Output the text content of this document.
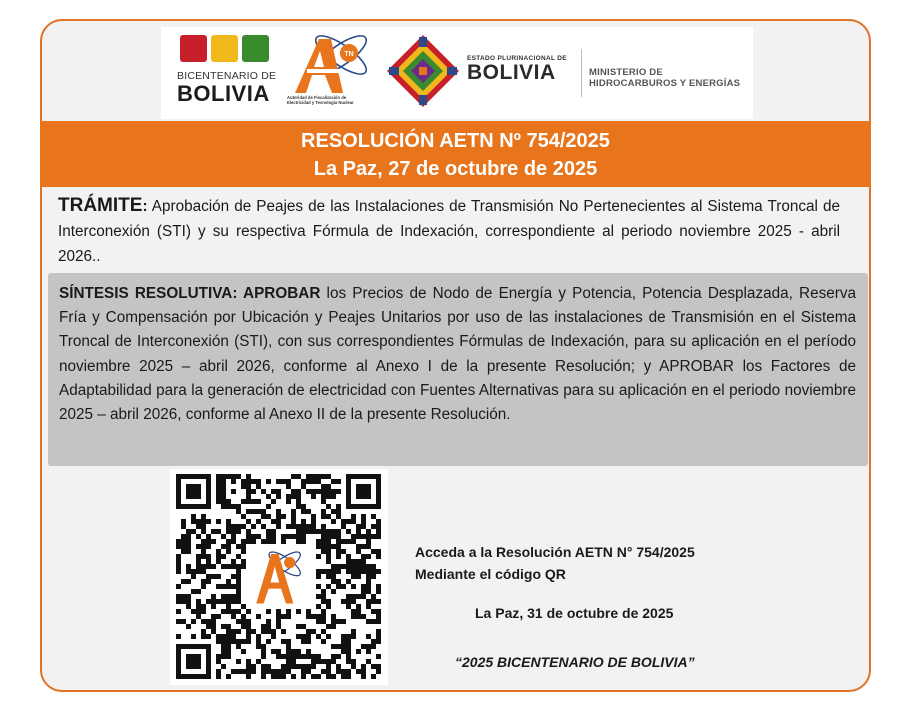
BICENTENARIO DE
BOLIVIA
TN
Autoridad de Fiscalización de
Electricidad y Tecnología Nuclear
ESTADO PLURINACIONAL DE
BOLIVIA	MINISTERIO DE
HIDROCARBUROS Y ENERGÍAS
RESOLUCIÓN AETN Nº 754/2025
La Paz, 27 de octubre de 2025
TRÁMITE: Aprobación de Peajes de las Instalaciones de Transmisión No Pertenecientes al Sistema Troncal de Interconexión (STI) y su respectiva Fórmula de Indexación, correspondiente al periodo noviembre 2025 - abril 2026..
SÍNTESIS RESOLUTIVA: APROBAR los Precios de Nodo de Energía y Potencia, Potencia Desplazada, Reserva Fría y Compensación por Ubicación y Peajes Unitarios por uso de las instalaciones de Transmisión en el Sistema Troncal de Interconexión (STI), con sus correspondientes Fórmulas de Indexación, para su aplicación en el período noviembre 2025 – abril 2026, conforme al Anexo I de la presente Resolución; y APROBAR los Factores de Adaptabilidad para la generación de electricidad con Fuentes Alternativas para su aplicación en el periodo noviembre 2025 – abril 2026, conforme al Anexo II de la presente Resolución.
Acceda a la Resolución AETN N° 754/2025
Mediante el código QR
La Paz, 31 de octubre de 2025
“2025 BICENTENARIO DE BOLIVIA”
